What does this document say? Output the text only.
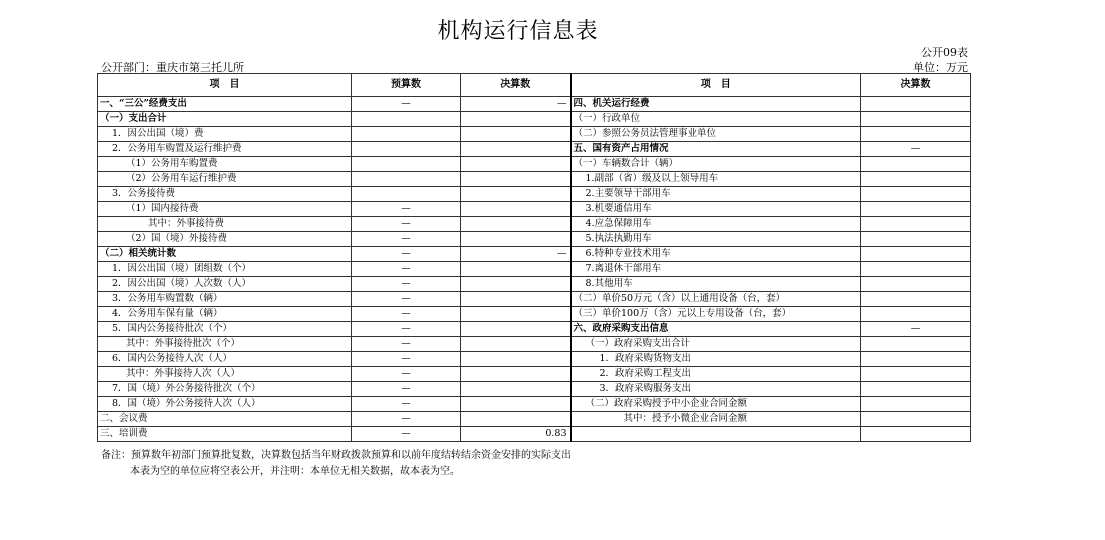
机构运行信息表
公开09表
公开部门：重庆市第三托儿所	单位：万元
项　目	预算数	决算数	项　目	决算数
一、“三公”经费支出	—	—	四、机关运行经费	
（一）支出合计			（一）行政单位	
1．因公出国（境）费			（二）参照公务员法管理事业单位	
2．公务用车购置及运行维护费			五、国有资产占用情况	—
（1）公务用车购置费			（一）车辆数合计（辆）	
（2）公务用车运行维护费			1.副部（省）级及以上领导用车	
3．公务接待费			2.主要领导干部用车	
（1）国内接待费	—		3.机要通信用车	
其中：外事接待费	—		4.应急保障用车	
（2）国（境）外接待费	—		5.执法执勤用车	
（二）相关统计数	—	—	6.特种专业技术用车	
1．因公出国（境）团组数（个）	—		7.离退休干部用车	
2．因公出国（境）人次数（人）	—		8.其他用车	
3．公务用车购置数（辆）	—		（二）单价50万元（含）以上通用设备（台，套）	
4．公务用车保有量（辆）	—		（三）单价100万（含）元以上专用设备（台，套）	
5．国内公务接待批次（个）	—		六、政府采购支出信息	—
其中：外事接待批次（个）	—		（一）政府采购支出合计	
6．国内公务接待人次（人）	—		1．政府采购货物支出	
其中：外事接待人次（人）	—		2．政府采购工程支出	
7．国（境）外公务接待批次（个）	—		3．政府采购服务支出	
8．国（境）外公务接待人次（人）	—		（二）政府采购授予中小企业合同金额	
二、会议费	—		其中：授予小微企业合同金额	
三、培训费	—	0.83		
备注：预算数年初部门预算批复数，决算数包括当年财政拨款预算和以前年度结转结余资金安排的实际支出
本表为空的单位应将空表公开，并注明：本单位无相关数据，故本表为空。
